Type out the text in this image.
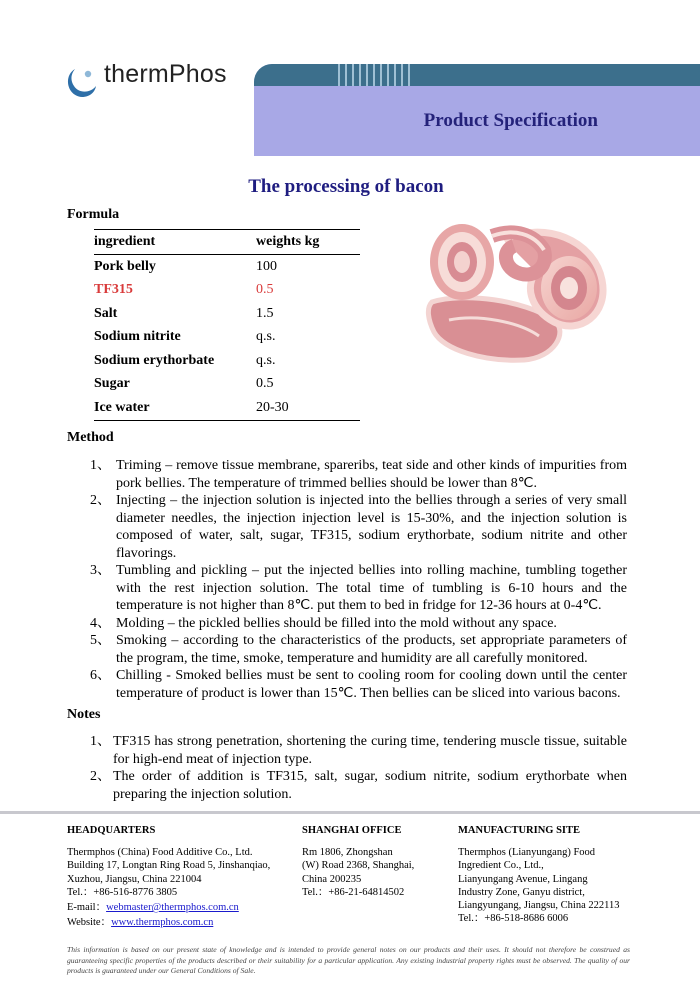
thermPhos
Product Specification
The processing of bacon
Formula
ingredient	weights kg
Pork belly	100
TF315	0.5
Salt	1.5
Sodium nitrite	q.s.
Sodium erythorbate	q.s.
Sugar	0.5
Ice water	20-30
Method
1、 Triming – remove tissue membrane, spareribs, teat side and other kinds of impurities from pork bellies. The temperature of trimmed bellies should be lower than 8℃.
2、 Injecting – the injection solution is injected into the bellies through a series of very small diameter needles, the injection injection level is 15-30%, and the injection solution is composed of water, salt, sugar, TF315, sodium erythorbate, sodium nitrite and other flavorings.
3、 Tumbling and pickling – put the injected bellies into rolling machine, tumbling together with the rest injection solution. The total time of tumbling is 6-10 hours and the temperature is not higher than 8℃. put them to bed in fridge for 12-36 hours at 0-4℃.
4、 Molding – the pickled bellies should be filled into the mold without any space.
5、 Smoking – according to the characteristics of the products, set appropriate parameters of the program, the time, smoke, temperature and humidity are all carefully monitored.
6、 Chilling - Smoked bellies must be sent to cooling room for cooling down until the center temperature of product is lower than 15℃. Then bellies can be sliced into various bacons.
Notes
1、 TF315 has strong penetration, shortening the curing time, tendering muscle tissue, suitable for high-end meat of injection type.
2、 The order of addition is TF315, salt, sugar, sodium nitrite, sodium erythorbate when preparing the injection solution.
HEADQUARTERS
Thermphos (China) Food Additive Co., Ltd.
Building 17, Longtan Ring Road 5, Jinshanqiao,
Xuzhou, Jiangsu, China 221004
Tel.：+86-516-8776 3805
E-mail：webmaster@thermphos.com.cn
Website：www.thermphos.com.cn
SHANGHAI OFFICE
Rm 1806, Zhongshan
(W) Road 2368, Shanghai,
China 200235
Tel.：+86-21-64814502
MANUFACTURING SITE
Thermphos (Lianyungang) Food
Ingredient Co., Ltd.,
Lianyungang Avenue, Lingang
Industry Zone, Ganyu district,
Liangyungang, Jiangsu, China 222113
Tel.：+86-518-8686 6006
This information is based on our present state of knowledge and is intended to provide general notes on our products and their uses. It should not therefore be construed as guaranteeing specific properties of the products described or their suitability for a particular application. Any existing industrial property rights must be observed. The quality of our products is guaranteed under our General Conditions of Sale.
